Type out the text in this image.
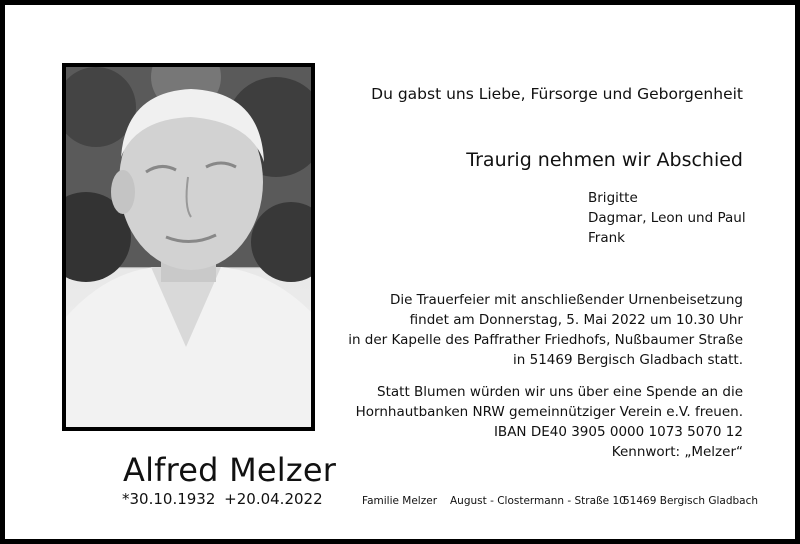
Alfred Melzer
*30.10.1932 +20.04.2022
Du gabst uns Liebe, Fürsorge und Geborgenheit
Traurig nehmen wir Abschied
Brigitte
Dagmar, Leon und Paul
Frank
Die Trauerfeier mit anschließender Urnenbeisetzung
findet am Donnerstag, 5. Mai 2022 um 10.30 Uhr
in der Kapelle des Paffrather Friedhofs, Nußbaumer Straße
in 51469 Bergisch Gladbach statt.
Statt Blumen würden wir uns über eine Spende an die
Hornhautbanken NRW gemeinnütziger Verein e.V. freuen.
IBAN DE40 3905 0000 1073 5070 12
Kennwort: „Melzer“
Familie Melzer August - Clostermann - Straße 10
51469 Bergisch Gladbach
